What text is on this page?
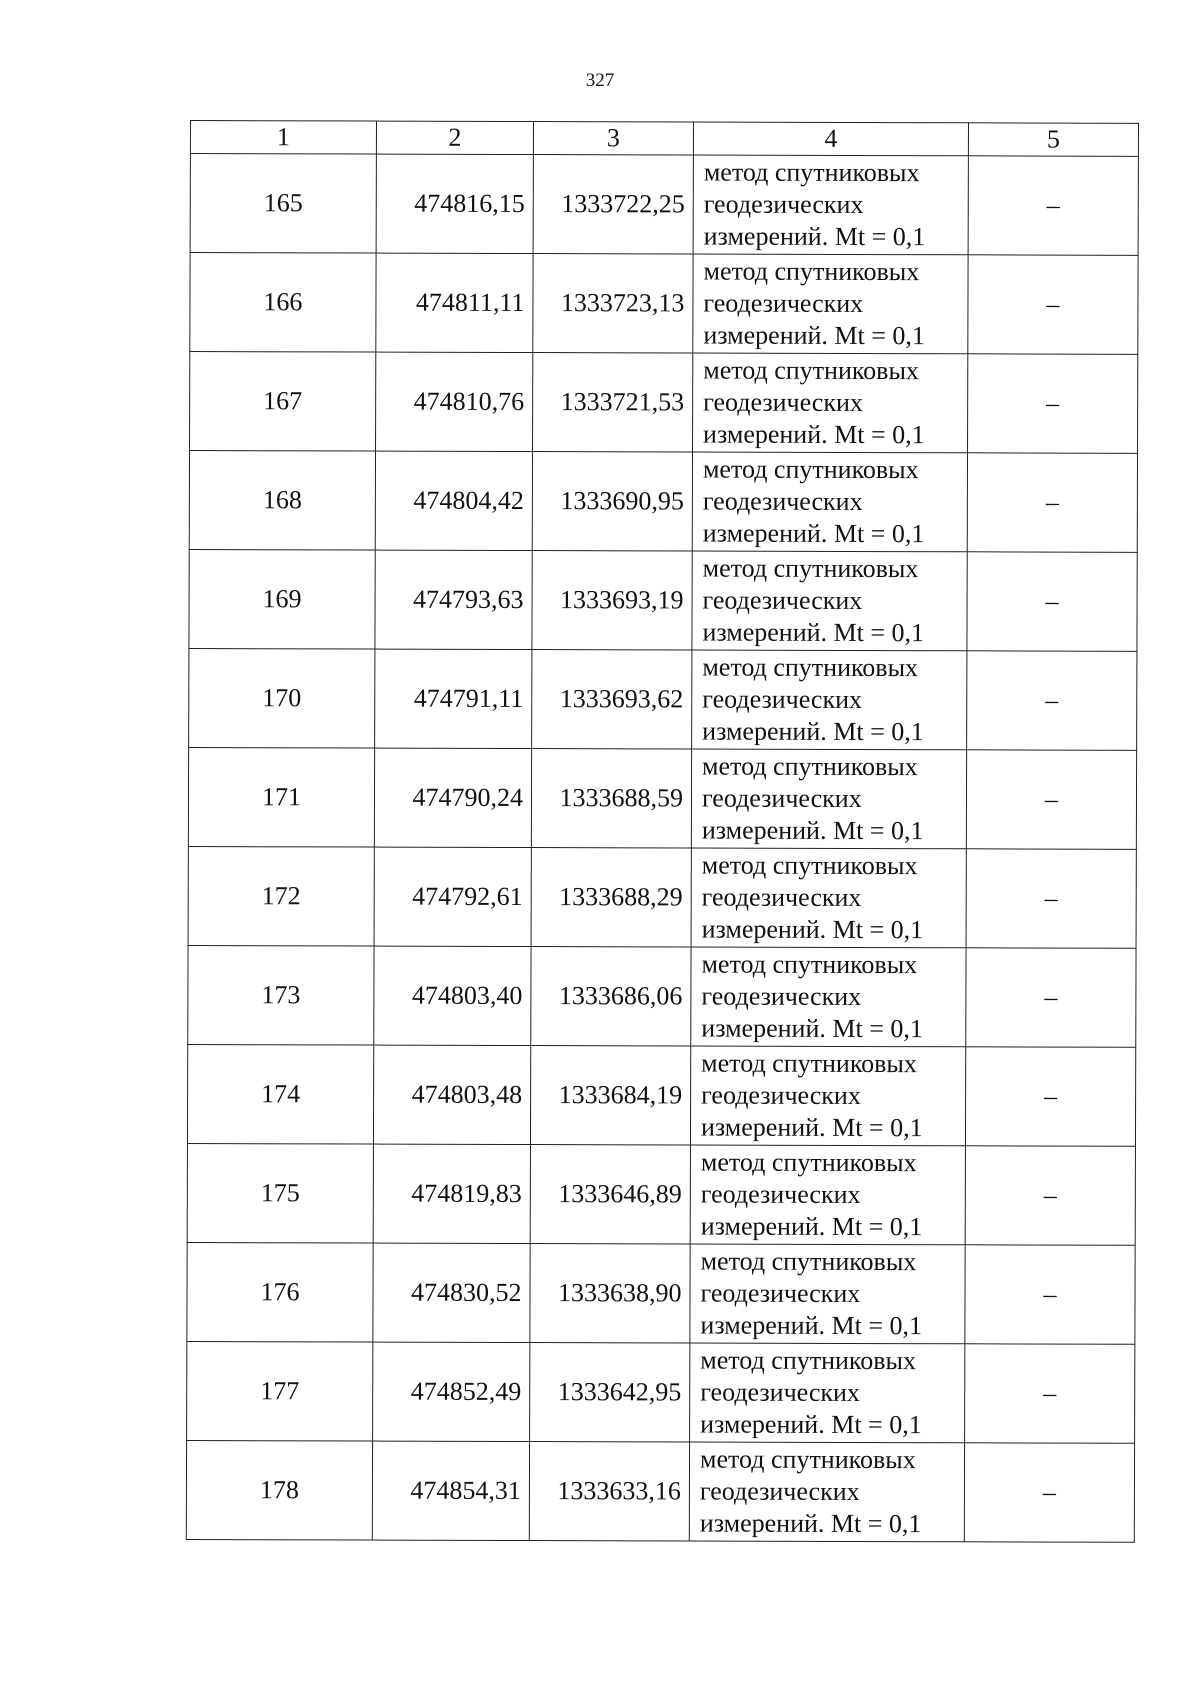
327
1	2	3	4	5
165	474816,15	1333722,25	метод спутниковых
геодезических
измерений. Mt = 0,1	–
166	474811,11	1333723,13	метод спутниковых
геодезических
измерений. Mt = 0,1	–
167	474810,76	1333721,53	метод спутниковых
геодезических
измерений. Mt = 0,1	–
168	474804,42	1333690,95	метод спутниковых
геодезических
измерений. Mt = 0,1	–
169	474793,63	1333693,19	метод спутниковых
геодезических
измерений. Mt = 0,1	–
170	474791,11	1333693,62	метод спутниковых
геодезических
измерений. Mt = 0,1	–
171	474790,24	1333688,59	метод спутниковых
геодезических
измерений. Mt = 0,1	–
172	474792,61	1333688,29	метод спутниковых
геодезических
измерений. Mt = 0,1	–
173	474803,40	1333686,06	метод спутниковых
геодезических
измерений. Mt = 0,1	–
174	474803,48	1333684,19	метод спутниковых
геодезических
измерений. Mt = 0,1	–
175	474819,83	1333646,89	метод спутниковых
геодезических
измерений. Mt = 0,1	–
176	474830,52	1333638,90	метод спутниковых
геодезических
измерений. Mt = 0,1	–
177	474852,49	1333642,95	метод спутниковых
геодезических
измерений. Mt = 0,1	–
178	474854,31	1333633,16	метод спутниковых
геодезических
измерений. Mt = 0,1	–
